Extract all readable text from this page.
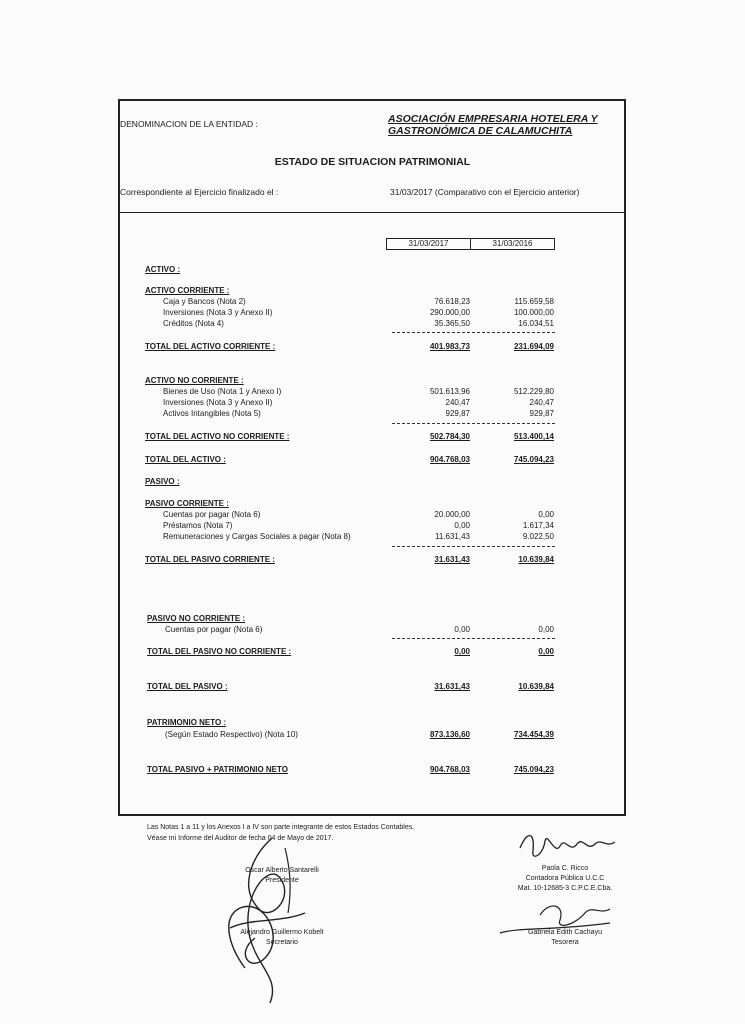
DENOMINACION DE LA ENTIDAD :	ASOCIACIÓN EMPRESARIA HOTELERA Y
GASTRONÓMICA DE CALAMUCHITA
ESTADO DE SITUACION PATRIMONIAL
Correspondiente al Ejercicio finalizado el :	31/03/2017 (Comparativo con el Ejercicio anterior)
31/03/2017	31/03/2016
ACTIVO :
ACTIVO CORRIENTE :
Caja y Bancos (Nota 2)	76.618,23	115.659,58
Inversiones (Nota 3 y Anexo II)	290.000,00	100.000,00
Créditos (Nota 4)	35.365,50	16.034,51
TOTAL DEL ACTIVO CORRIENTE :	401.983,73	231.694,09
ACTIVO NO CORRIENTE :
Bienes de Uso (Nota 1 y Anexo I)	501.613,96	512.229,80
Inversiones (Nota 3 y Anexo II)	240,47	240,47
Activos Intangibles (Nota 5)	929,87	929,87
TOTAL DEL ACTIVO NO CORRIENTE :	502.784,30	513.400,14
TOTAL DEL ACTIVO :	904.768,03	745.094,23
PASIVO :
PASIVO CORRIENTE :
Cuentas por pagar (Nota 6)	20.000,00	0,00
Préstamos (Nota 7)	0,00	1.617,34
Remuneraciones y Cargas Sociales a pagar (Nota 8)	11.631,43	9.022,50
TOTAL DEL PASIVO CORRIENTE :	31.631,43	10.639,84
PASIVO NO CORRIENTE :
Cuentas por pagar (Nota 6)	0,00	0,00
TOTAL DEL PASIVO NO CORRIENTE :	0,00	0,00
TOTAL DEL PASIVO :	31.631,43	10.639,84
PATRIMONIO NETO :
(Según Estado Respectivo) (Nota 10)	873.136,60	734.454,39
TOTAL PASIVO + PATRIMONIO NETO	904.768,03	745.094,23
Las Notas 1 a 11 y los Anexos I a IV son parte integrante de estos Estados Contables.
Véase mi Informe del Auditor de fecha 04 de Mayo de 2017.
Oscar Alberto Santarelli
Presidente
Alejandro Guillermo Kobelt
Secretario
Paola C. Ricco
Contadora Pública U.C.C
Mat. 10-12685-3 C.P.C.E.Cba.
Gabriela Edith Cachayu
Tesorera
